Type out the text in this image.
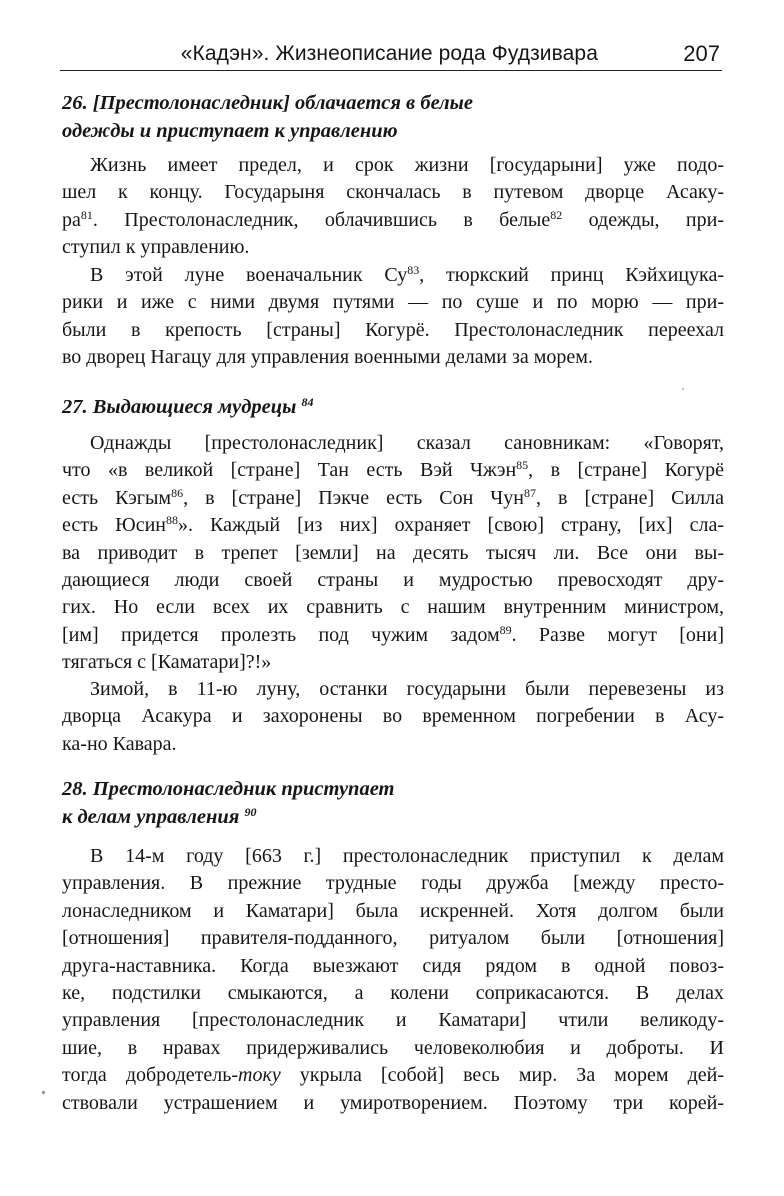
«Кадэн». Жизнеописание рода Фудзивара	207
26. [Престолонаследник] облачается в белые
одежды и приступает к управлению
Жизнь имеет предел, и срок жизни [государыни] уже подо-
шел к концу. Государыня скончалась в путевом дворце Асаку-
$ра^{81}$. Престолонаследник, облачившись в белые$^{82}$ одежды, при-
ступил к управлению.
В этой луне военачальник $Су^{83}$, тюркский принц Кэйхицука-
рики и иже с ними двумя путями — по суше и по морю — при-
были в крепость [страны] Когурё. Престолонаследник переехал
во дворец Нагацу для управления военными делами за морем.
27. Выдающиеся мудрецы $^{84}$
Однажды [престолонаследник] сказал сановникам: «Говорят,
что «в великой [стране] Тан есть Вэй Чжэн$^{85}$, в [стране] Когурё
есть Кэгым$^{86}$, в [стране] Пэкче есть Сон Чун$^{87}$, в [стране] Силла
есть Юсин$^{88}$». Каждый [из них] охраняет [свою] страну, [их] сла-
ва приводит в трепет [земли] на десять тысяч ли. Все они вы-
дающиеся люди своей страны и мудростью превосходят дру-
гих. Но если всех их сравнить с нашим внутренним министром,
[им] придется пролезть под чужим задом$^{89}$. Разве могут [они]
тягаться с [Каматари]?!»
Зимой, в 11-ю луну, останки государыни были перевезены из
дворца Асакура и захоронены во временном погребении в Асу-
ка-но Кавара.
28. Престолонаследник приступает
к делам управления $^{90}$
В 14-м году [663 г.] престолонаследник приступил к делам
управления. В прежние трудные годы дружба [между престо-
лонаследником и Каматари] была искренней. Хотя долгом были
[отношения] правителя-подданного, ритуалом были [отношения]
друга-наставника. Когда выезжают сидя рядом в одной повоз-
ке, подстилки смыкаются, а колени соприкасаются. В делах
управления [престолонаследник и Каматари] чтили великоду-
шие, в нравах придерживались человеколюбия и доброты. И
тогда добродетель-току укрыла [собой] весь мир. За морем дей-
ствовали устрашением и умиротворением. Поэтому три корей-
